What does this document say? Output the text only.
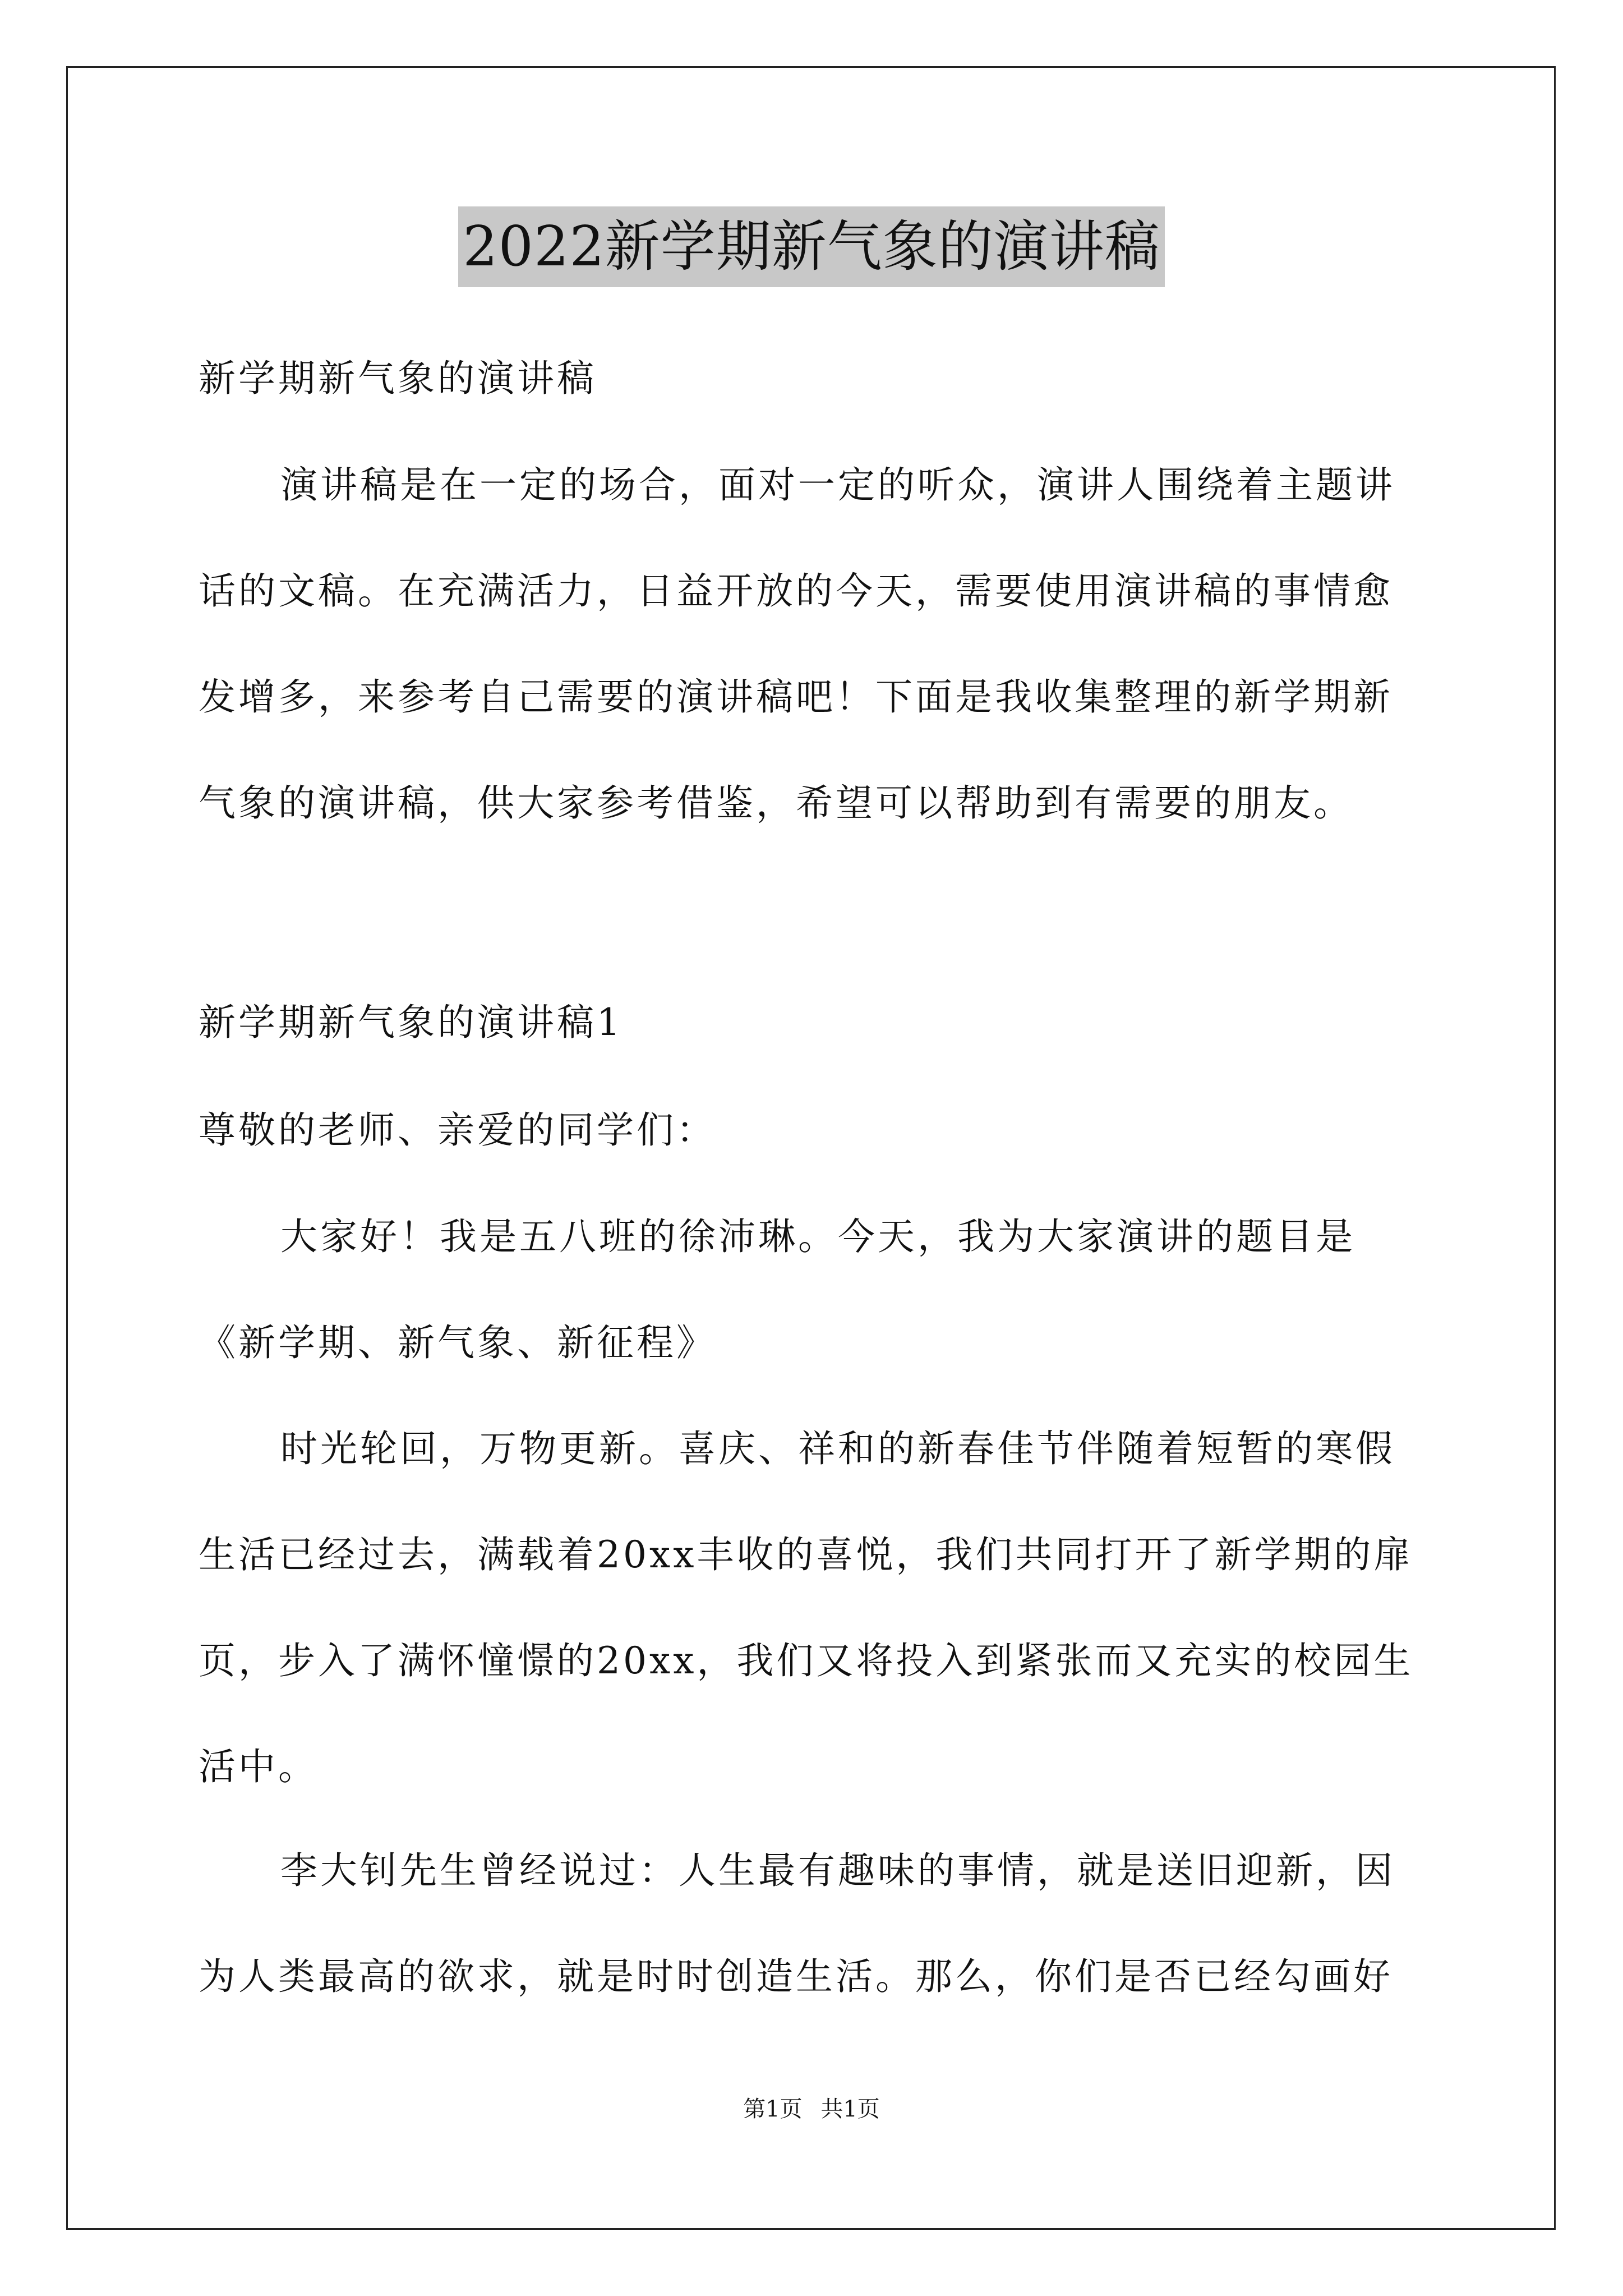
2022新学期新气象的演讲稿

新学期新气象的演讲稿

演讲稿是在一定的场合，面对一定的听众，演讲人围绕着主题讲话的文稿。在充满活力，日益开放的今天，需要使用演讲稿的事情愈发增多，来参考自己需要的演讲稿吧！下面是我收集整理的新学期新气象的演讲稿，供大家参考借鉴，希望可以帮助到有需要的朋友。

新学期新气象的演讲稿1

尊敬的老师、亲爱的同学们：

大家好！我是五八班的徐沛琳。今天，我为大家演讲的题目是《新学期、新气象、新征程》

时光轮回，万物更新。喜庆、祥和的新春佳节伴随着短暂的寒假生活已经过去，满载着20xx丰收的喜悦，我们共同打开了新学期的扉页，步入了满怀憧憬的20xx，我们又将投入到紧张而又充实的校园生活中。

李大钊先生曾经说过：人生最有趣味的事情，就是送旧迎新，因为人类最高的欲求，就是时时创造生活。那么，你们是否已经勾画好

第1页 共1页
